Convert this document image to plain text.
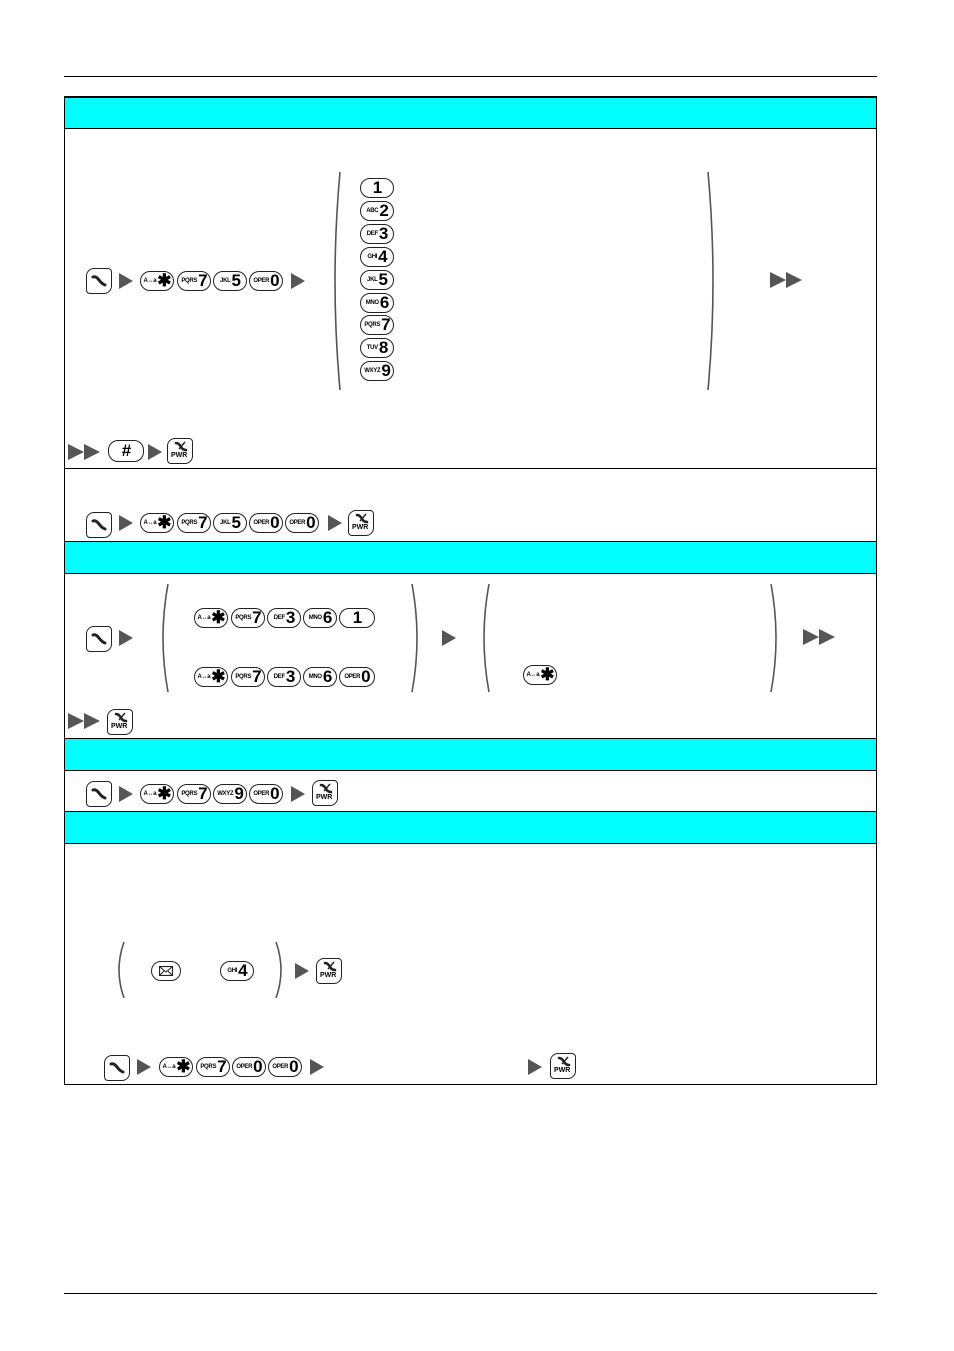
A↔a ✱ PQRS 7 JKL 5 OPER 0
1
ABC 2
DEF 3
GHI 4
JKL 5
MNO 6
PQRS 7
TUV 8
WXYZ 9
#	PWR
A↔a ✱ PQRS 7 JKL 5 OPER 0 OPER 0	PWR
A↔a ✱ PQRS 7 DEF 3 MNO 6 1
A↔a ✱ PQRS 7 DEF 3 MNO 6 OPER 0	A↔a ✱
PWR
A↔a ✱ PQRS 7 WXYZ 9 OPER 0	PWR
GHI 4	PWR
A↔a ✱ PQRS 7 OPER 0 OPER 0	PWR
